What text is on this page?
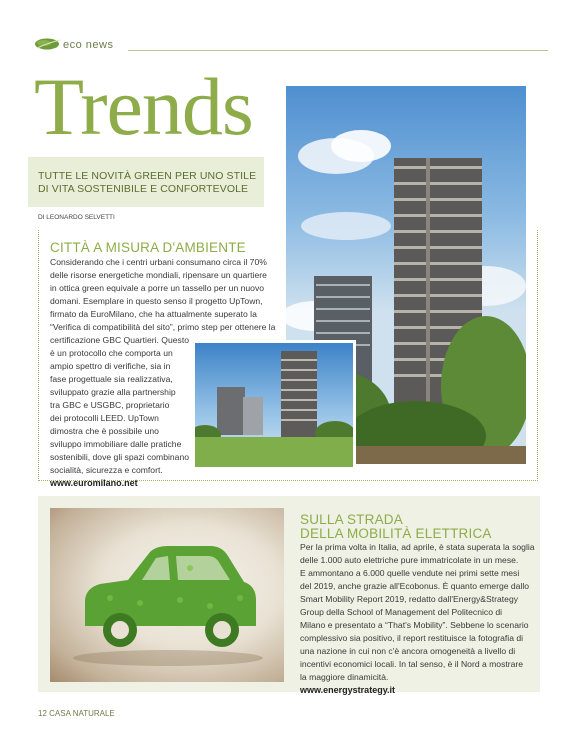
eco news
Trends
TUTTE LE NOVITÀ GREEN PER UNO STILE
DI VITA SOSTENIBILE E CONFORTEVOLE
DI LEONARDO SELVETTI
CITTÀ A MISURA D'AMBIENTE
Considerando che i centri urbani consumano circa il 70%
delle risorse energetiche mondiali, ripensare un quartiere
in ottica green equivale a porre un tassello per un nuovo
domani. Esemplare in questo senso il progetto UpTown,
firmato da EuroMilano, che ha attualmente superato la
“Verifica di compatibilità del sito”, primo step per ottenere la
certificazione GBC Quartieri. Questo
è un protocollo che comporta un
ampio spettro di verifiche, sia in
fase progettuale sia realizzativa,
sviluppato grazie alla partnership
tra GBC e USGBC, proprietario
dei protocolli LEED. UpTown
dimostra che è possibile uno
sviluppo immobiliare dalle pratiche
sostenibili, dove gli spazi combinano
socialità, sicurezza e comfort.
www.euromilano.net
SULLA STRADA
DELLA MOBILITÀ ELETTRICA
Per la prima volta in Italia, ad aprile, è stata superata la soglia
delle 1.000 auto elettriche pure immatricolate in un mese.
E ammontano a 6.000 quelle vendute nei primi sette mesi
del 2019, anche grazie all'Ecobonus. È quanto emerge dallo
Smart Mobility Report 2019, redatto dall'Energy&Strategy
Group della School of Management del Politecnico di
Milano e presentato a “That's Mobility”. Sebbene lo scenario
complessivo sia positivo, il report restituisce la fotografia di
una nazione in cui non c'è ancora omogeneità a livello di
incentivi economici locali. In tal senso, è il Nord a mostrare
la maggiore dinamicità.
www.energystrategy.it
12 CASA NATURALE
